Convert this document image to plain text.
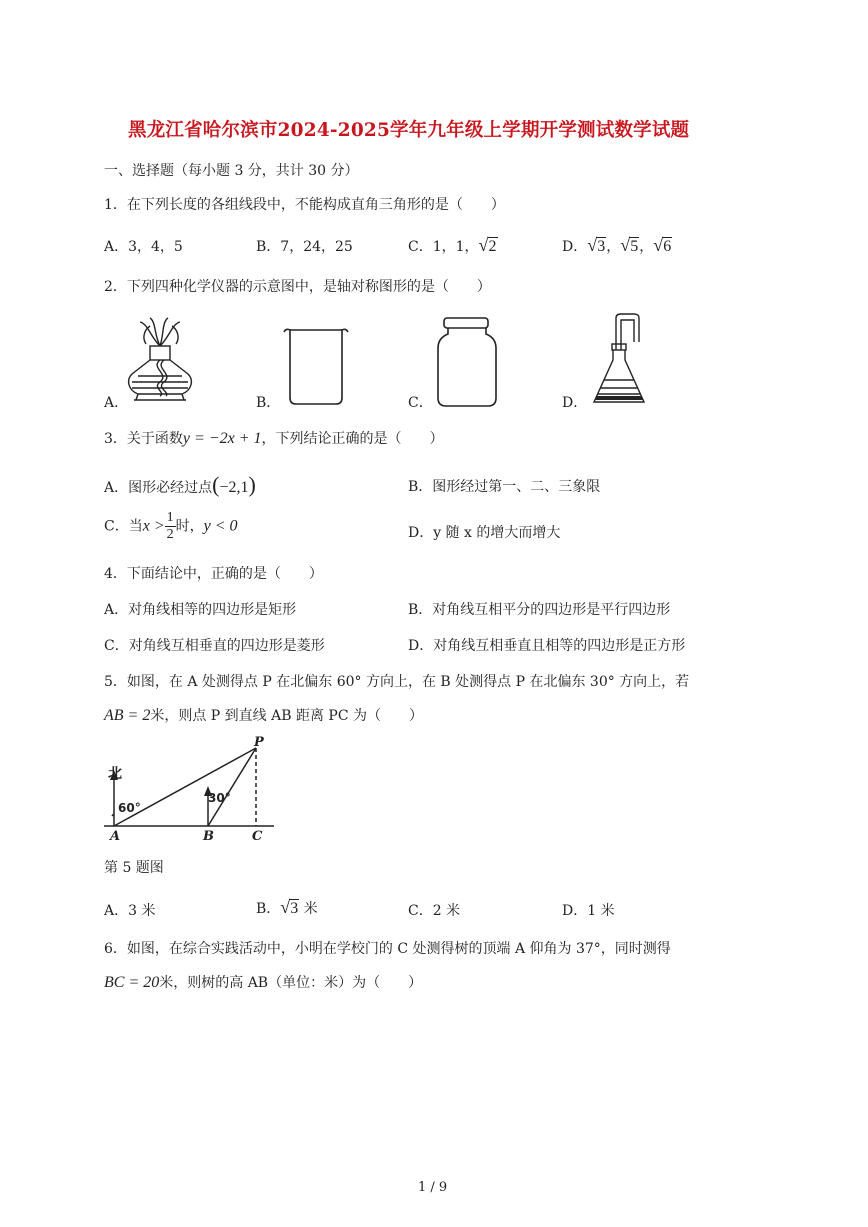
黑龙江省哈尔滨市2024-2025学年九年级上学期开学测试数学试题
一、选择题（每小题 3 分，共计 30 分）
1．在下列长度的各组线段中，不能构成直角三角形的是（　　）
A．3，4，5	B．7，24，25	C．1，1， √ 2	D． √ 3， √ 5， √ 6
2．下列四种化学仪器的示意图中，是轴对称图形的是（　　）
A．	B．	C．	D．
3．关于函数y = −2x + 1，下列结论正确的是（　　）
A．图形必经过点(−2,1)	B．图形经过第一、二、三象限
C．当$x > \frac{1}{2}$ 时，y < 0	D．y 随 x 的增大而增大
4．下面结论中，正确的是（　　）
A．对角线相等的四边形是矩形	B．对角线互相平分的四边形是平行四边形
C．对角线互相垂直的四边形是菱形	D．对角线互相垂直且相等的四边形是正方形
5．如图，在 A 处测得点 P 在北偏东 60° 方向上，在 B 处测得点 P 在北偏东 30° 方向上，若
AB = 2米，则点 P 到直线 AB 距离 PC 为（　　）
北
60°
30°
P
A	B	C
第 5 题图
A．3 米	B． √ 3 米	C．2 米	D．1 米
6．如图，在综合实践活动中，小明在学校门的 C 处测得树的顶端 A 仰角为 37°，同时测得
BC = 20米，则树的高 AB（单位：米）为（　　）
1 / 9
